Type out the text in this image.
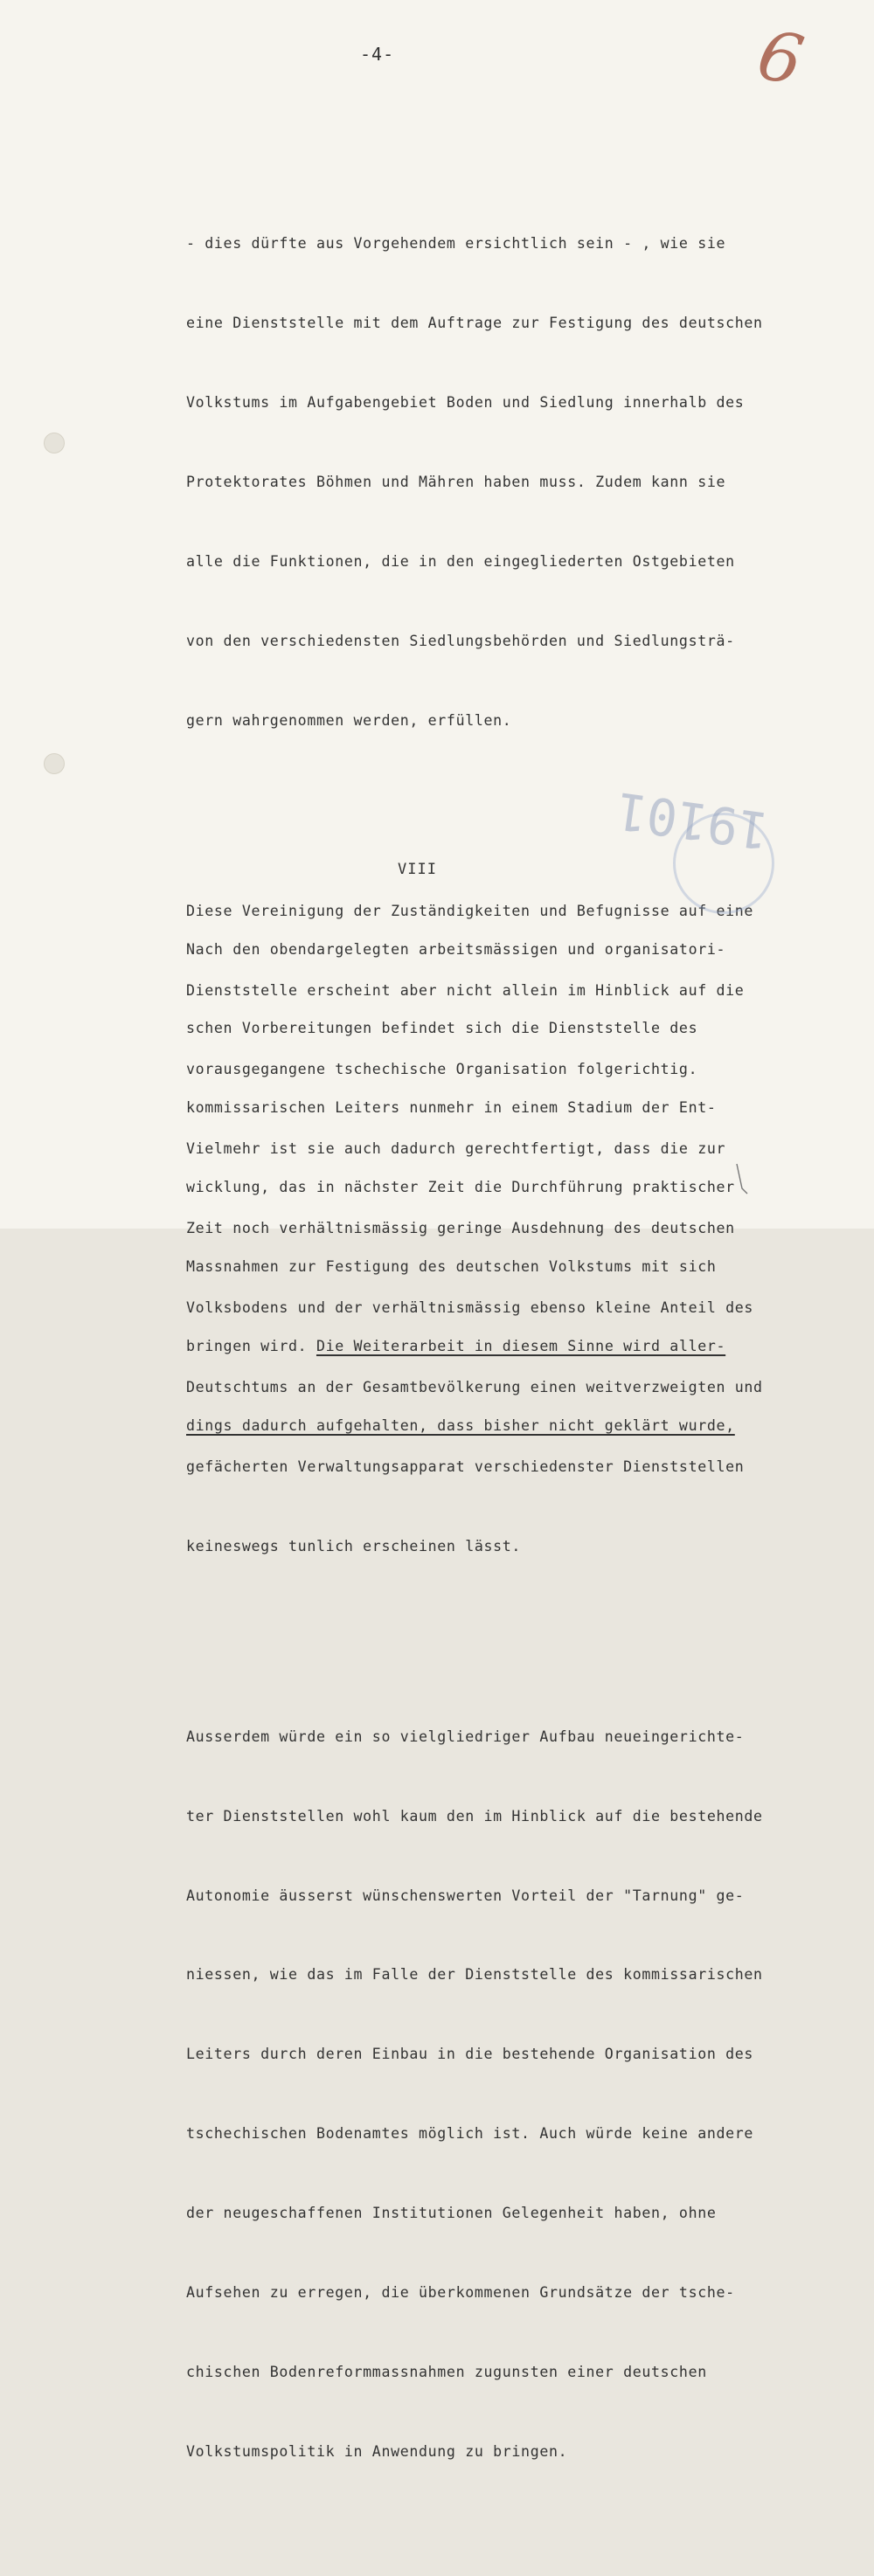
-4-	6

- dies dürfte aus Vorgehendem ersichtlich sein - , wie sie

eine Dienststelle mit dem Auftrage zur Festigung des deutschen

Volkstums im Aufgabengebiet Boden und Siedlung innerhalb des

Protektorates Böhmen und Mähren haben muss. Zudem kann sie

alle die Funktionen, die in den eingegliederten Ostgebieten

von den verschiedensten Siedlungsbehörden und Siedlungsträ-

gern wahrgenommen werden, erfüllen.

Diese Vereinigung der Zuständigkeiten und Befugnisse auf eine

Dienststelle erscheint aber nicht allein im Hinblick auf die

vorausgegangene tschechische Organisation folgerichtig.

Vielmehr ist sie auch dadurch gerechtfertigt, dass die zur

Zeit noch verhältnismässig geringe Ausdehnung des deutschen

Volksbodens und der verhältnismässig ebenso kleine Anteil des

Deutschtums an der Gesamtbevölkerung einen weitverzweigten und

gefächerten Verwaltungsapparat verschiedenster Dienststellen

keineswegs tunlich erscheinen lässt.

Ausserdem würde ein so vielgliedriger Aufbau neueingerichte-

ter Dienststellen wohl kaum den im Hinblick auf die bestehende

Autonomie äusserst wünschenswerten Vorteil der "Tarnung" ge-

niessen, wie das im Falle der Dienststelle des kommissarischen

Leiters durch deren Einbau in die bestehende Organisation des

tschechischen Bodenamtes möglich ist. Auch würde keine andere

der neugeschaffenen Institutionen Gelegenheit haben, ohne

Aufsehen zu erregen, die überkommenen Grundsätze der tsche-

chischen Bodenreformmassnahmen zugunsten einer deutschen

Volkstumspolitik in Anwendung zu bringen.

19101
VIII

Nach den obendargelegten arbeitsmässigen und organisatori-

schen Vorbereitungen befindet sich die Dienststelle des

kommissarischen Leiters nunmehr in einem Stadium der Ent-

wicklung, das in nächster Zeit die Durchführung praktischer

Massnahmen zur Festigung des deutschen Volkstums mit sich

bringen wird. Die Weiterarbeit in diesem Sinne wird aller-

dings dadurch aufgehalten, dass bisher nicht geklärt wurde,
